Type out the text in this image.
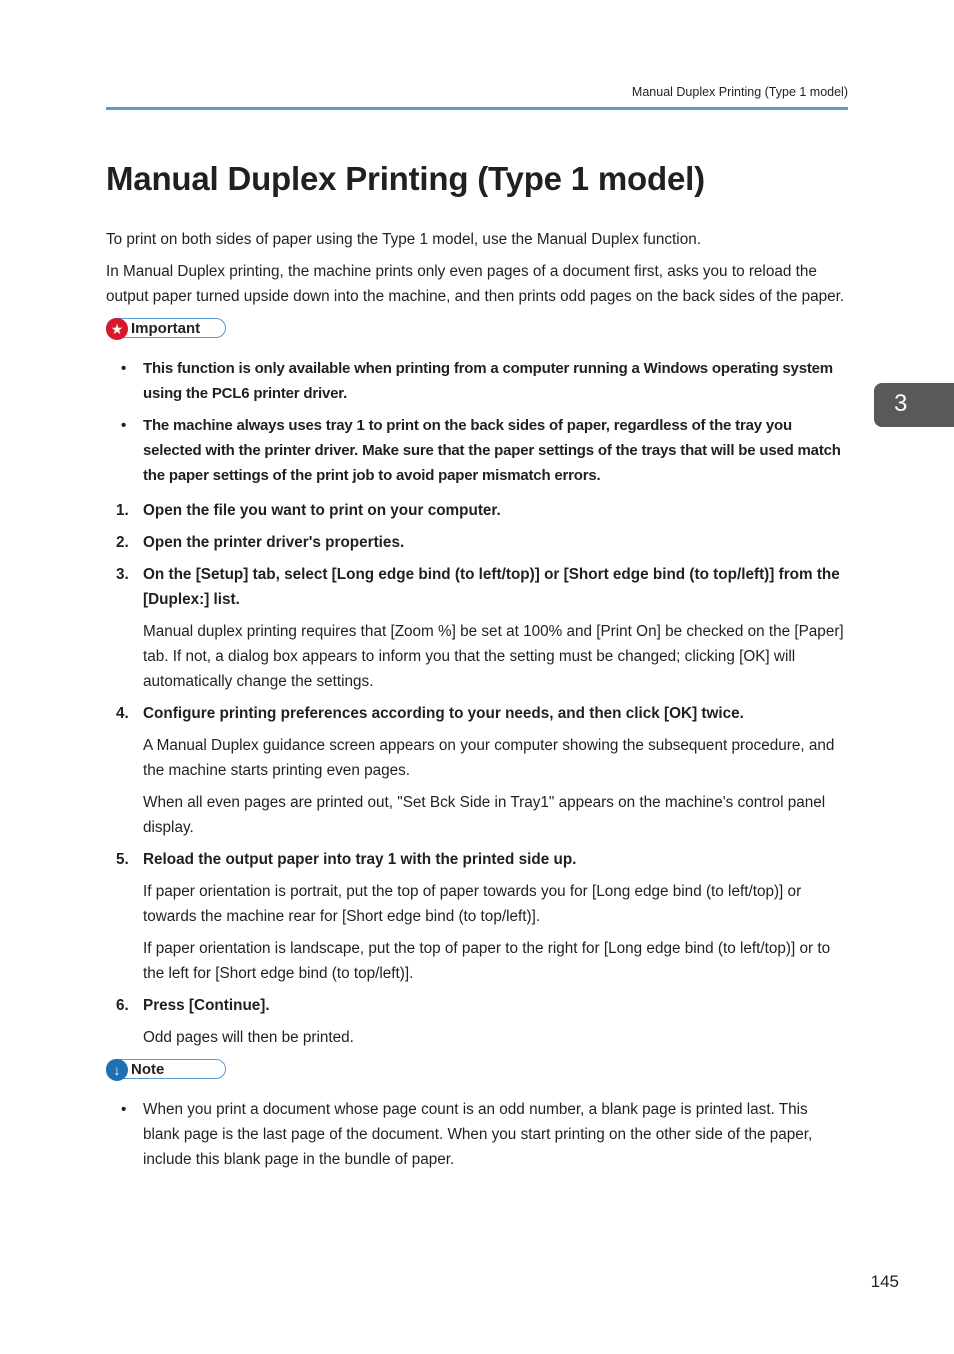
Manual Duplex Printing (Type 1 model)
Manual Duplex Printing (Type 1 model)

To print on both sides of paper using the Type 1 model, use the Manual Duplex function.

In Manual Duplex printing, the machine prints only even pages of a document first, asks you to reload the output paper turned upside down into the machine, and then prints odd pages on the back sides of the paper.

★ Important
• This function is only available when printing from a computer running a Windows operating system using the PCL6 printer driver.
• The machine always uses tray 1 to print on the back sides of paper, regardless of the tray you selected with the printer driver. Make sure that the paper settings of the trays that will be used match the paper settings of the print job to avoid paper mismatch errors.
1. Open the file you want to print on your computer.
2. Open the printer driver's properties.
3. On the [Setup] tab, select [Long edge bind (to left/top)] or [Short edge bind (to top/left)] from the [Duplex:] list.
Manual duplex printing requires that [Zoom %] be set at 100% and [Print On] be checked on the [Paper] tab. If not, a dialog box appears to inform you that the setting must be changed; clicking [OK] will automatically change the settings.
4. Configure printing preferences according to your needs, and then click [OK] twice.
A Manual Duplex guidance screen appears on your computer showing the subsequent procedure, and the machine starts printing even pages.
When all even pages are printed out, "Set Bck Side in Tray1" appears on the machine's control panel display.
5. Reload the output paper into tray 1 with the printed side up.
If paper orientation is portrait, put the top of paper towards you for [Long edge bind (to left/top)] or towards the machine rear for [Short edge bind (to top/left)].
If paper orientation is landscape, put the top of paper to the right for [Long edge bind (to left/top)] or to the left for [Short edge bind (to top/left)].
6. Press [Continue].
Odd pages will then be printed.
↓ Note
• When you print a document whose page count is an odd number, a blank page is printed last. This blank page is the last page of the document. When you start printing on the other side of the paper, include this blank page in the bundle of paper.
3
145
